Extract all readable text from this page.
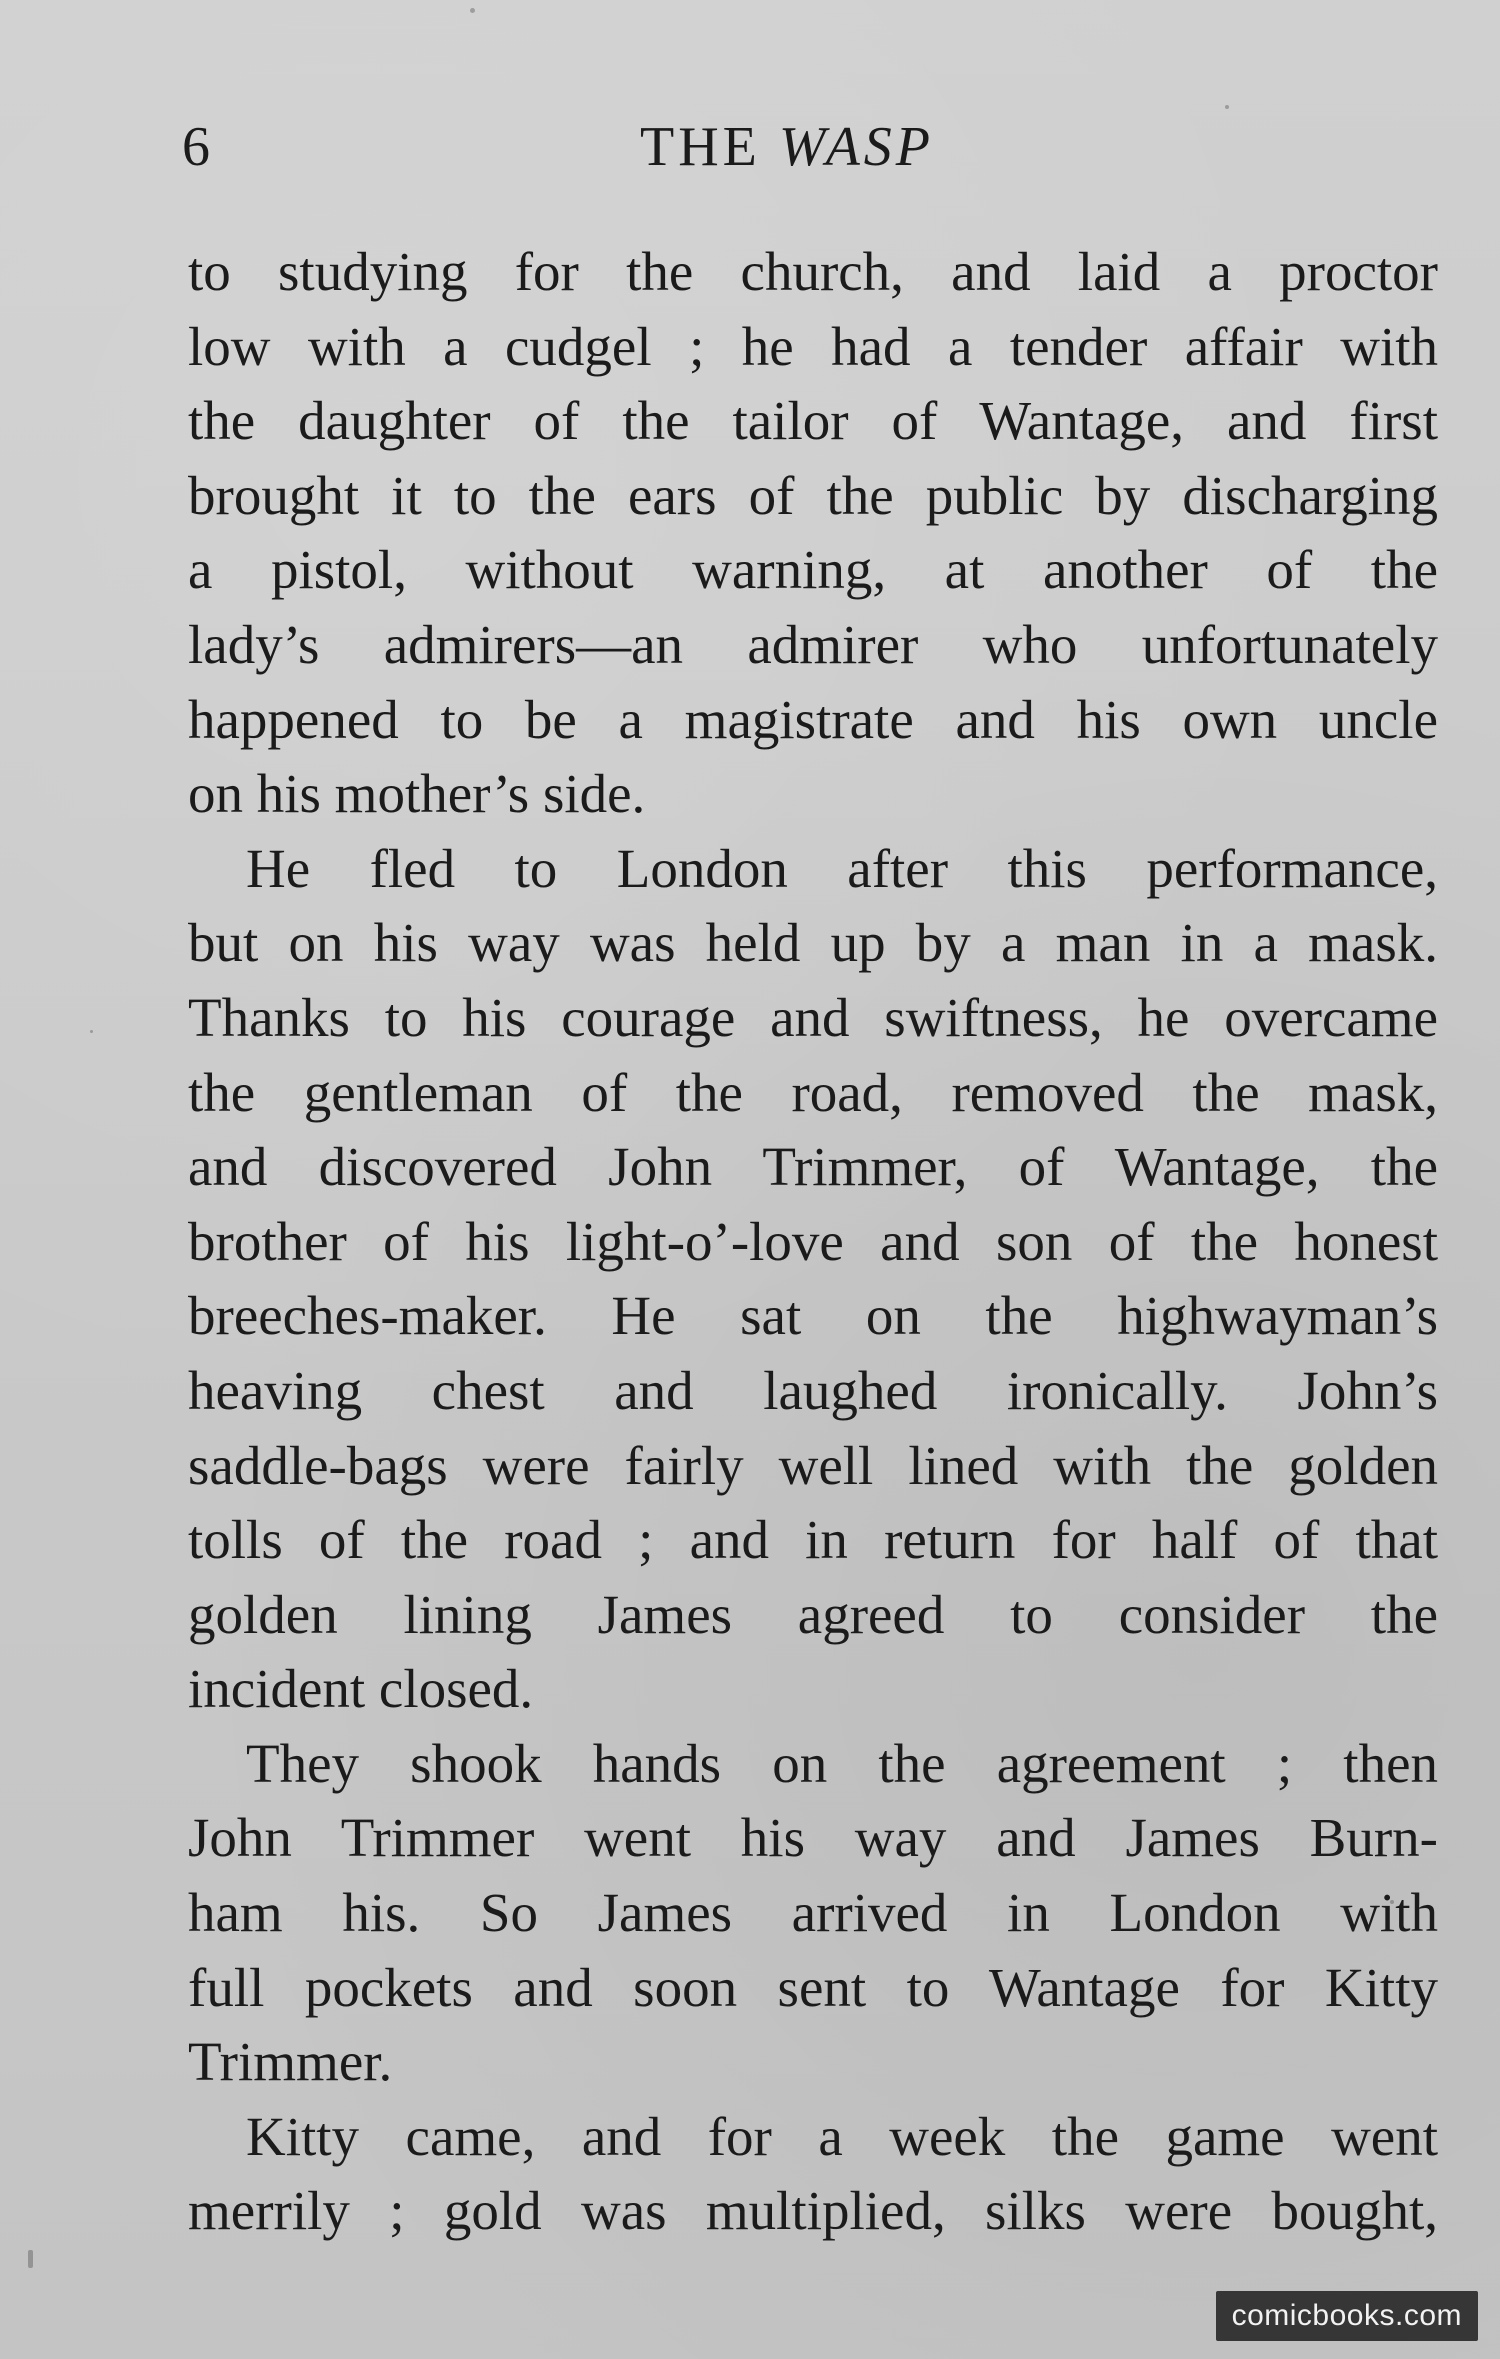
6	THE WASP
to studying for the church, and laid a proctor
low with a cudgel ; he had a tender affair with
the daughter of the tailor of Wantage, and first
brought it to the ears of the public by discharging
a pistol, without warning, at another of the
lady’s admirers—an admirer who unfortunately
happened to be a magistrate and his own uncle
on his mother’s side.
He fled to London after this performance,
but on his way was held up by a man in a mask.
Thanks to his courage and swiftness, he overcame
the gentleman of the road, removed the mask,
and discovered John Trimmer, of Wantage, the
brother of his light-o’-love and son of the honest
breeches-maker. He sat on the highwayman’s
heaving chest and laughed ironically. John’s
saddle-bags were fairly well lined with the golden
tolls of the road ; and in return for half of that
golden lining James agreed to consider the
incident closed.
They shook hands on the agreement ; then
John Trimmer went his way and James Burn-
ham his. So James arrived in London with
full pockets and soon sent to Wantage for Kitty
Trimmer.
Kitty came, and for a week the game went
merrily ; gold was multiplied, silks were bought,
comicbooks.com
